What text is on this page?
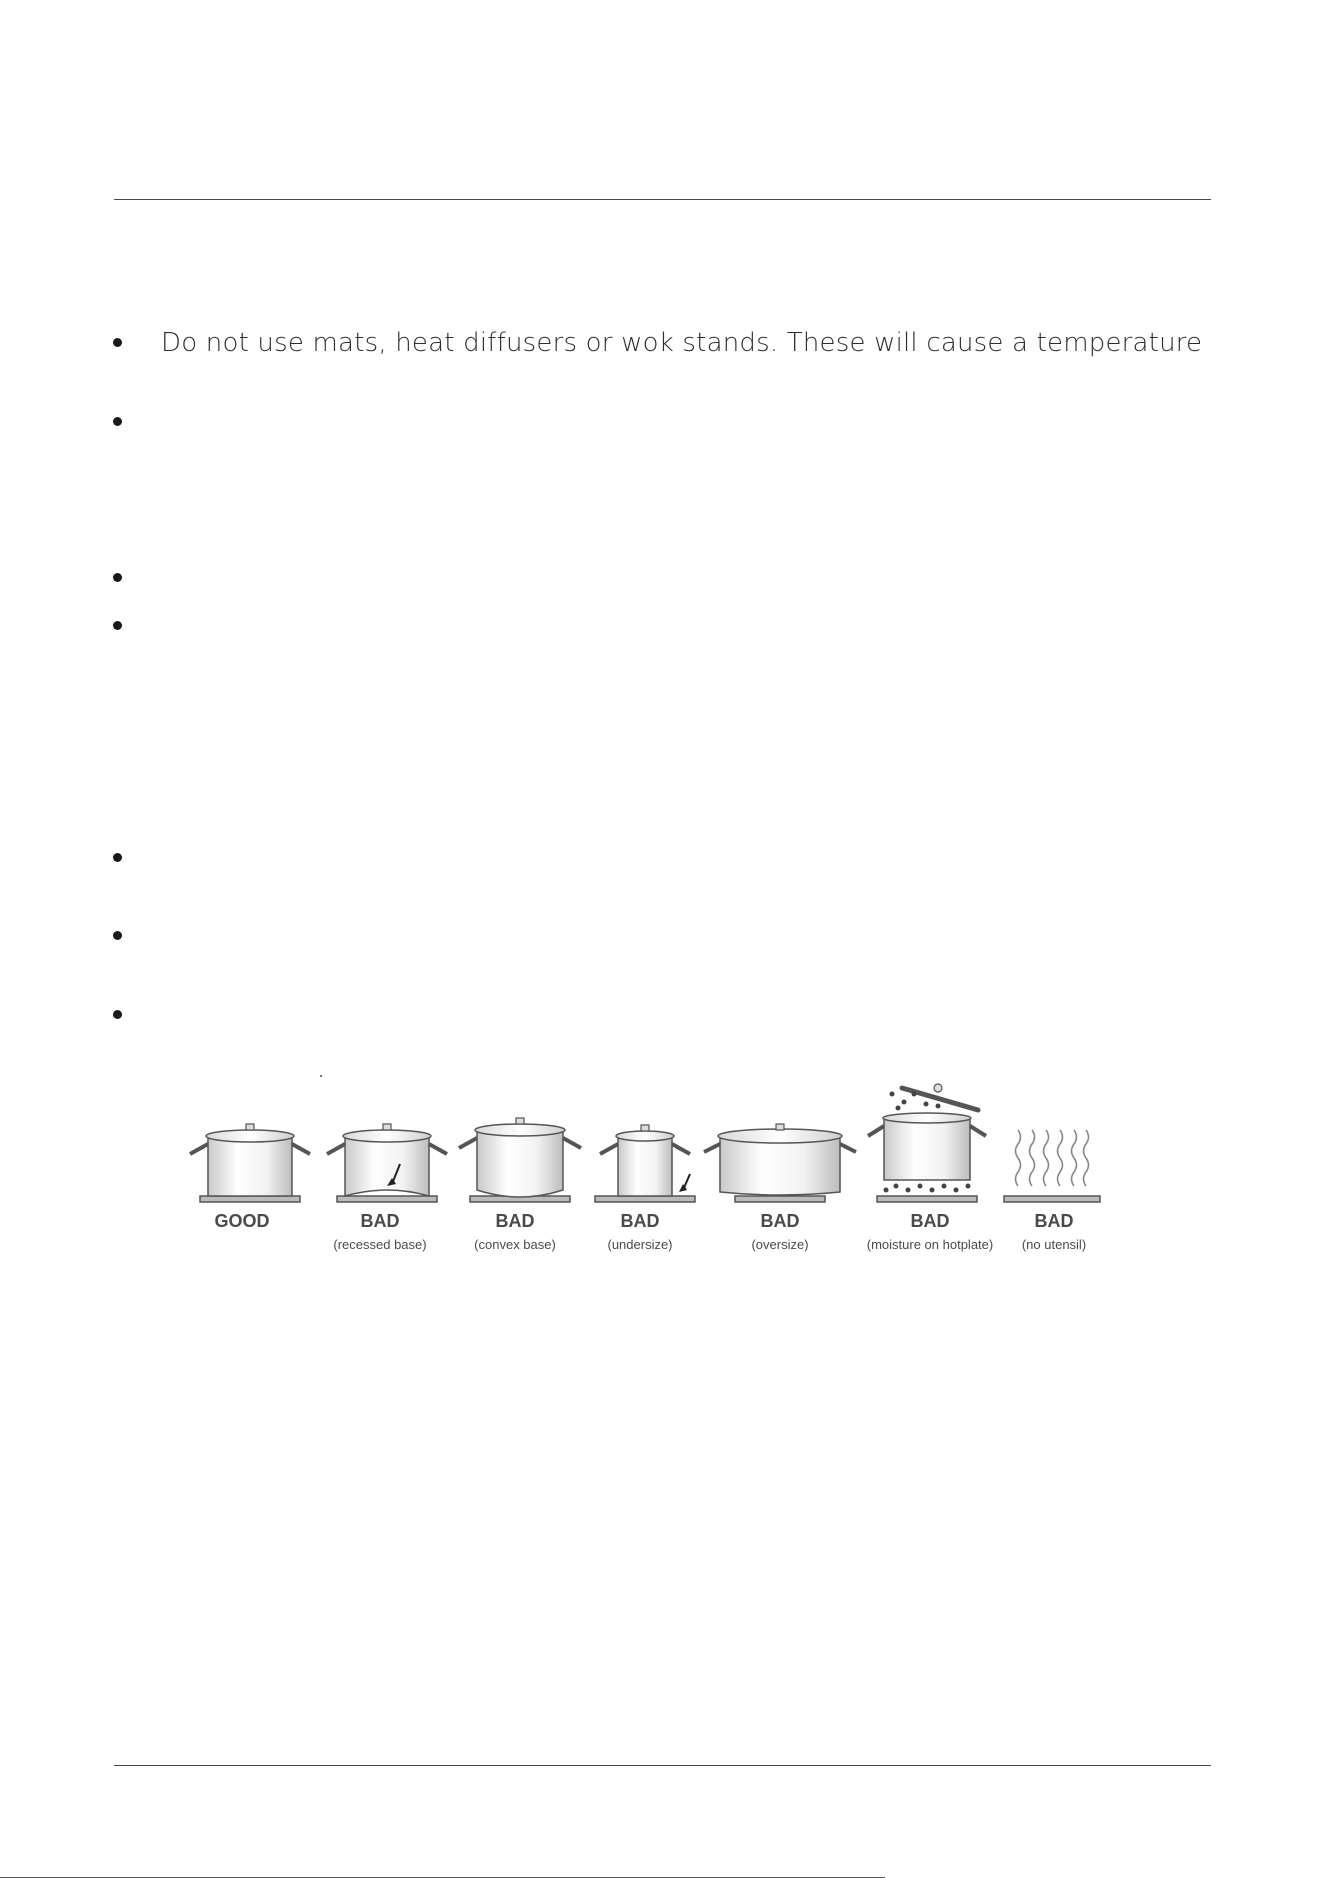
Do not use mats, heat diffusers or wok stands. These will cause a temperature
GOOD	BAD
(recessed base)
BAD
(convex base)
BAD
(undersize)
BAD
(oversize)
BAD
(moisture on hotplate)
BAD
(no utensil)
